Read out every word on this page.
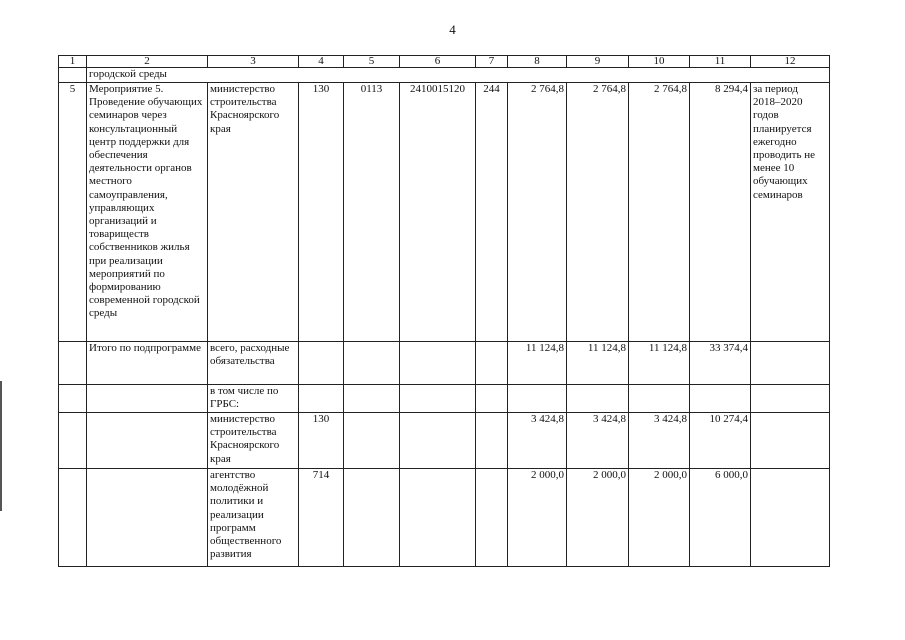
4
1	2	3	4	5	6	7	8	9	10	11	12
	городской среды										
5	Мероприятие 5. Проведение обучающих семинаров через консультационный центр поддержки для обеспечения деятельности органов местного самоуправления, управляющих организаций и товариществ собственников жилья при реализации мероприятий по формированию современной городской среды	министерство строительства Красноярского края	130	0113	2410015120	244	2 764,8	2 764,8	2 764,8	8 294,4	за период 2018–2020 годов планируется ежегодно проводить не менее 10 обучающих семинаров
	Итого по подпрограмме	всего, расходные обязательства					11 124,8	11 124,8	11 124,8	33 374,4	
		в том числе по ГРБС:									
		министерство строительства Красноярского края	130				3 424,8	3 424,8	3 424,8	10 274,4	
		агентство молодёжной политики и реализации программ общественного развития	714				2 000,0	2 000,0	2 000,0	6 000,0	
